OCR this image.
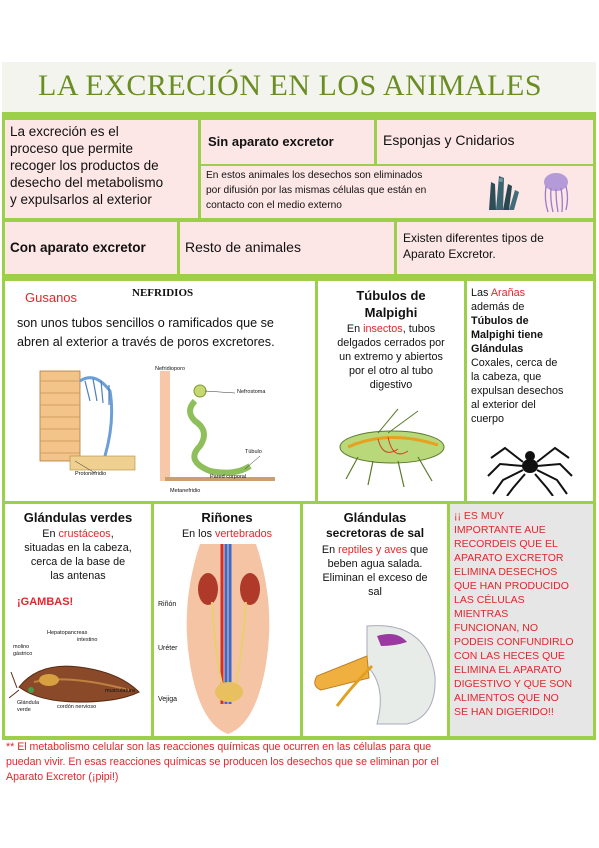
LA EXCRECIÓN EN LOS ANIMALES
La excreción es el
proceso que permite
recoger los productos de
desecho del metabolismo
y expulsarlos al exterior
Sin aparato excretor	Esponjas y Cnidarios
En estos animales los desechos son eliminados
por difusión por las mismas células que están en
contacto con el medio externo
Con aparato excretor	Resto de animales
Existen diferentes tipos de
Aparato Excretor.
Gusanos	NEFRIDIOS
son unos tubos sencillos o ramificados que se
abren al exterior a través de poros excretores.
Nefridioporo
Nefrostoma
Túbulo
Protonefridio	Pared corporal
Metanefridio
Túbulos de
Malpighi
En insectos, tubos
delgados cerrados por
un extremo y abiertos
por el otro al tubo
digestivo
Las Arañas
además de
Túbulos de
Malpighi tiene
Glándulas
Coxales, cerca de
la cabeza, que
expulsan desechos
al exterior del
cuerpo
Glándulas verdes
En crustáceos,
situadas en la cabeza,
cerca de la base de
las antenas
¡GAMBAS!
Hepatopancreas
intestino
molino
gástrico
musculatura
Glándula
verde	cordón nervioso
Riñones
En los vertebrados
Riñón
Uréter
Vejiga
Glándulas
secretoras de sal
En reptiles y aves que
beben agua salada.
Eliminan el exceso de
sal
¡¡ ES MUY
IMPORTANTE AUE
RECORDEIS QUE EL
APARATO EXCRETOR
ELIMINA DESECHOS
QUE HAN PRODUCIDO
LAS CÉLULAS
MIENTRAS
FUNCIONAN, NO
PODEIS CONFUNDIRLO
CON LAS HECES QUE
ELIMINA EL APARATO
DIGESTIVO Y QUE SON
ALIMENTOS QUE NO
SE HAN DIGERIDO!!
** El metabolismo celular son las reacciones químicas que ocurren en las células para que
puedan vivir. En esas reacciones químicas se producen los desechos que se eliminan por el
Aparato Excretor (¡pipi!)
